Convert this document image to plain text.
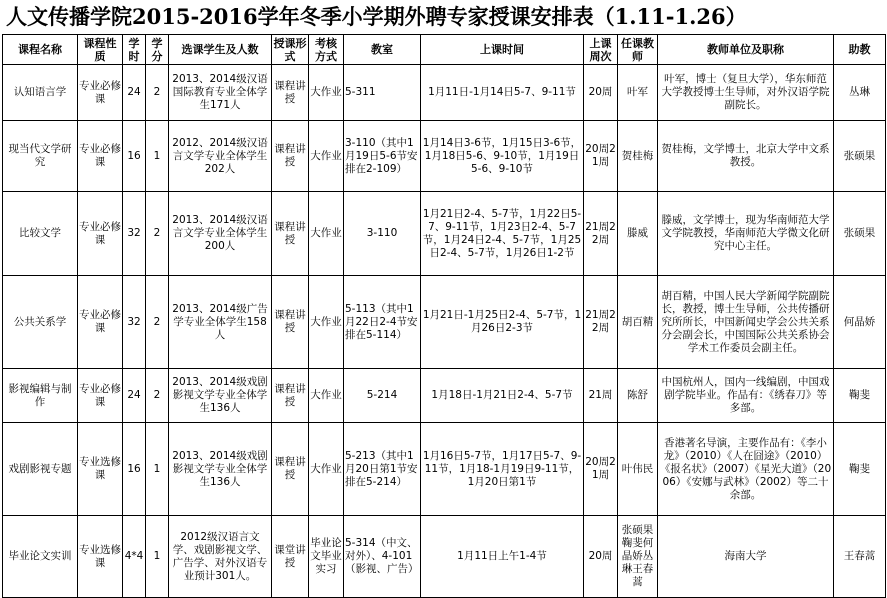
人文传播学院2015-2016学年冬季小学期外聘专家授课安排表（1.11-1.26）
课程名称	课程性质	学时	学分	选课学生及人数	授课形式	考核方式	教室	上课时间	上课周次	任课教师	教师单位及职称	助教
认知语言学	专业必修课	24	2	2013、2014级汉语国际教育专业全体学生171人	课程讲授	大作业	5-311	1月11日-1月14日5-7、9-11节	20周	叶军	叶军，博士（复旦大学），华东师范大学教授博士生导师，对外汉语学院副院长。	丛琳
现当代文学研究	专业必修课	16	1	2012、2014级汉语言文学专业全体学生202人	课程讲授	大作业	3-110（其中1月19日5-6节安排在2-109）	1月14日3-6节，1月15日3-6节，1月18日5-6、9-10节，1月19日5-6、9-10节	20周21周	贺桂梅	贺桂梅，文学博士，北京大学中文系教授。	张硕果
比较文学	专业必修课	32	2	2013、2014级汉语言文学专业全体学生200人	课程讲授	大作业	3-110	1月21日2-4、5-7节，1月22日5-7、9-11节，1月23日2-4、5-7节，1月24日2-4、5-7节，1月25日2-4、5-7节，1月26日1-2节	21周22周	滕威	滕威，文学博士，现为华南师范大学文学院教授，华南师范大学微文化研究中心主任。	张硕果
公共关系学	专业必修课	32	2	2013、2014级广告学专业全体学生158人	课程讲授	大作业	5-113（其中1月22日2-4节安排在5-114）	1月21日-1月25日2-4、5-7节，1月26日2-3节	21周22周	胡百精	胡百精，中国人民大学新闻学院副院长，教授，博士生导师，公共传播研究所所长，中国新闻史学会公共关系分会副会长，中国国际公共关系协会学术工作委员会副主任。	何晶娇
影视编辑与制作	专业必修课	24	2	2013、2014级戏剧影视文学专业全体学生136人	课程讲授	大作业	5-214	1月18日-1月21日2-4、5-7节	21周	陈舒	中国杭州人，国内一线编剧，中国戏剧学院毕业。作品有：《绣春刀》等多部。	鞠斐
戏剧影视专题	专业选修课	16	1	2013、2014级戏剧影视文学专业全体学生136人	课程讲授	大作业	5-213（其中1月20日第1节安排在5-214）	1月16日5-7节，1月17日5-7、9-11节，1月18-1月19日9-11节，1月20日第1节	20周21周	叶伟民	香港著名导演，主要作品有：《李小龙》（2010）《人在囧途》（2010）《报名状》（2007）《星光大道》（2006）《安娜与武林》（2002）等二十余部。	鞠斐
毕业论文实训	专业选修课	4*4	1	2012级汉语言文学、戏剧影视文学、广告学、对外汉语专业预计301人。	课堂讲授	毕业论文毕业实习	5-314（中文、对外）、4-101（影视、广告）	1月11日上午1-4节	20周	张硕果鞠斐何晶娇丛琳王春蒿	海南大学	王春蒿
